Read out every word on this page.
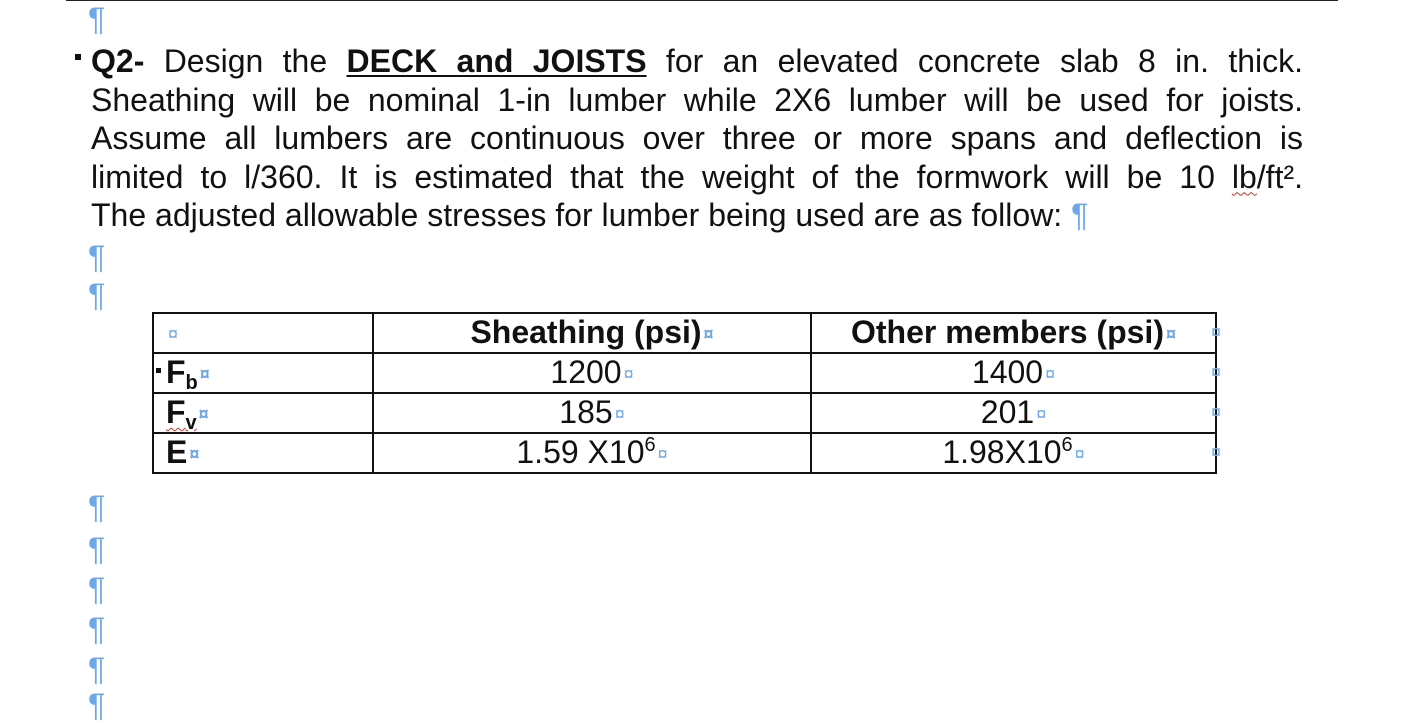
¶
Q2- Design the DECK and JOISTS for an elevated concrete slab 8 in. thick.
Sheathing will be nominal 1-in lumber while 2X6 lumber will be used for joists.
Assume all lumbers are continuous over three or more spans and deflection is
limited to l/360. It is estimated that the weight of the formwork will be 10 lb/ft².
The adjusted allowable stresses for lumber being used are as follow: ¶
¶
¶
¤	Sheathing (psi) ¤	Other members (psi) ¤
$F_b$ ¤	1200 ¤	1400 ¤
$F_v$ ¤	185 ¤	201 ¤
E ¤	1.59 $X10^6$ ¤	$1.98X10^6$ ¤
¤
¤
¤
¤
¶
¶
¶
¶
¶
¶
